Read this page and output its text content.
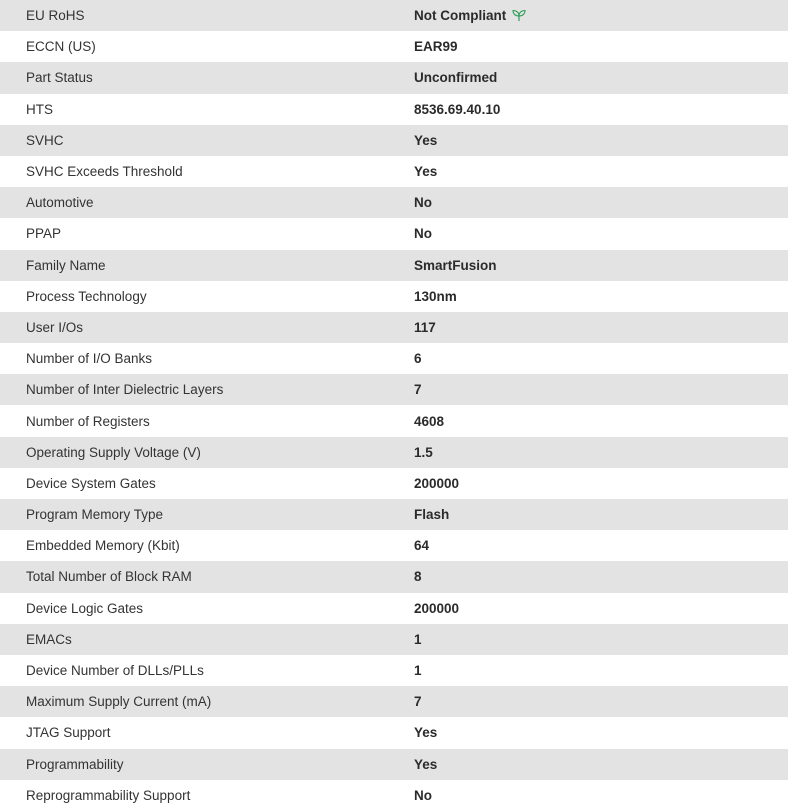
EU RoHS	Not Compliant
ECCN (US)	EAR99
Part Status	Unconfirmed
HTS	8536.69.40.10
SVHC	Yes
SVHC Exceeds Threshold	Yes
Automotive	No
PPAP	No
Family Name	SmartFusion
Process Technology	130nm
User I/Os	117
Number of I/O Banks	6
Number of Inter Dielectric Layers	7
Number of Registers	4608
Operating Supply Voltage (V)	1.5
Device System Gates	200000
Program Memory Type	Flash
Embedded Memory (Kbit)	64
Total Number of Block RAM	8
Device Logic Gates	200000
EMACs	1
Device Number of DLLs/PLLs	1
Maximum Supply Current (mA)	7
JTAG Support	Yes
Programmability	Yes
Reprogrammability Support	No
